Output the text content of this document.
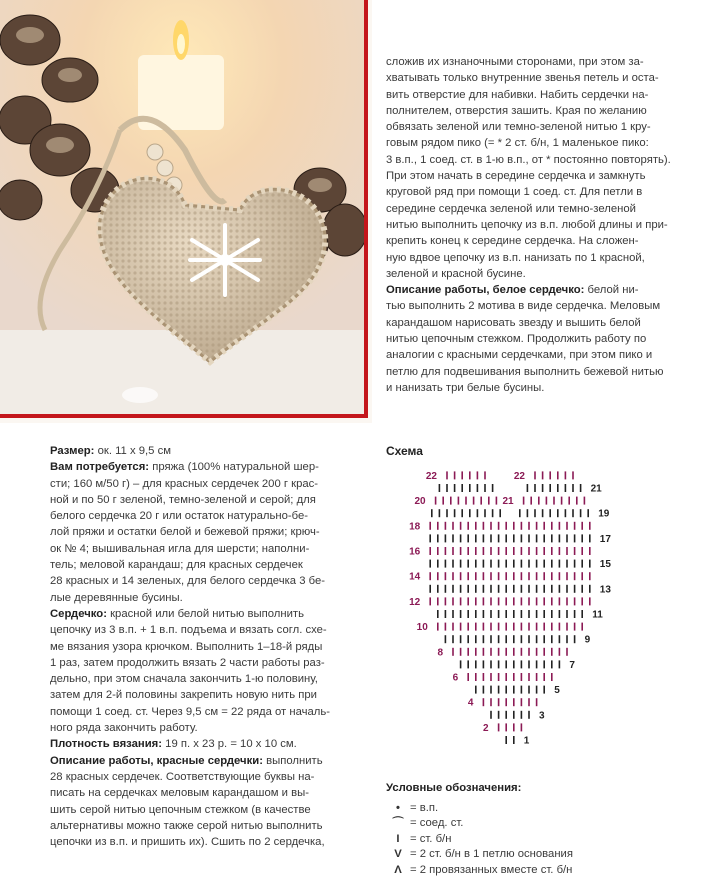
сложив их изнаночными сторонами, при этом за-

хватывать только внутренние звенья петель и оста-

вить отверстие для набивки. Набить сердечки на-

полнителем, отверстия зашить. Края по желанию

обвязать зеленой или темно-зеленой нитью 1 кру-

говым рядом пико (= * 2 ст. б/н, 1 маленькое пико:

3 в.п., 1 соед. ст. в 1-ю в.п., от * постоянно повторять).

При этом начать в середине сердечка и замкнуть

круговой ряд при помощи 1 соед. ст. Для петли в

середине сердечка зеленой или темно-зеленой

нитью выполнить цепочку из в.п. любой длины и при-

крепить конец к середине сердечка. На сложен-

ную вдвое цепочку из в.п. нанизать по 1 красной,

зеленой и красной бусине.

Описание работы, белое сердечко: белой ни-

тью выполнить 2 мотива в виде сердечка. Меловым

карандашом нарисовать звезду и вышить белой

нитью цепочным стежком. Продолжить работу по

аналогии с красными сердечками, при этом пико и

петлю для подвешивания выполнить бежевой нитью

и нанизать три белые бусины.

Размер: ок. 11 х 9,5 см

Вам потребуется: пряжа (100% натуральной шер-

сти; 160 м/50 г) – для красных сердечек 200 г крас-

ной и по 50 г зеленой, темно-зеленой и серой; для

белого сердечка 20 г или остаток натурально-бе-

лой пряжи и остатки белой и бежевой пряжи; крюч-

ок № 4; вышивальная игла для шерсти; наполни-

тель; меловой карандаш; для красных сердечек

28 красных и 14 зеленых, для белого сердечка 3 бе-

лые деревянные бусины.

Сердечко: красной или белой нитью выполнить

цепочку из 3 в.п. + 1 в.п. подъема и вязать согл. схе-

ме вязания узора крючком. Выполнить 1–18-й ряды

1 раз, затем продолжить вязать 2 части работы раз-

дельно, при этом сначала закончить 1-ю половину,

затем для 2-й половины закрепить новую нить при

помощи 1 соед. ст. Через 9,5 см = 22 ряда от началь-

ного ряда закончить работу.

Плотность вязания: 19 п. х 23 р. = 10 х 10 см.

Описание работы, красные сердечки: выполнить

28 красных сердечек. Соответствующие буквы на-

писать на сердечках меловым карандашом и вы-

шить серой нитью цепочным стежком (в качестве

альтернативы можно также серой нитью выполнить

цепочки из в.п. и пришить их). Сшить по 2 сердечка,

Схема
1
2
3
4
5
6
7
8
9
10
11
12
13
14
15
16
17
18
19
20	21
21
22	22
Условные обозначения:
• = в.п.
⌒ = соед. ст.
I = ст. б/н
V = 2 ст. б/н в 1 петлю основания
Λ = 2 провязанных вместе ст. б/н
